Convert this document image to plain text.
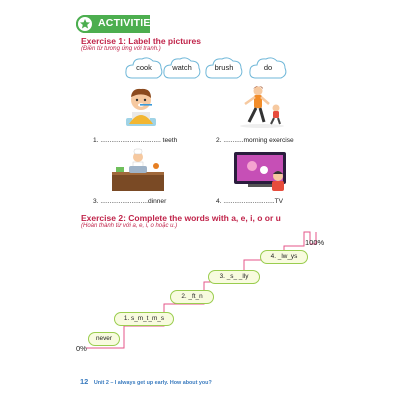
ACTIVITIES
Exercise 1: Label the pictures
(Điền từ tương ứng với tranh.)
cook	watch	brush	do
1. ................................. teeth	2. ...........morning exercise
3. ..........................dinner	4. ............................TV
Exercise 2: Complete the words with a, e, i, o or u
(Hoàn thành từ với a, e, i, o hoặc u.)
never
1. s_m_t_m_s
2. _ft_n
3. _s_ _lly
4. _lw_ys
100%
0%
12 Unit 2 – I always get up early. How about you?
